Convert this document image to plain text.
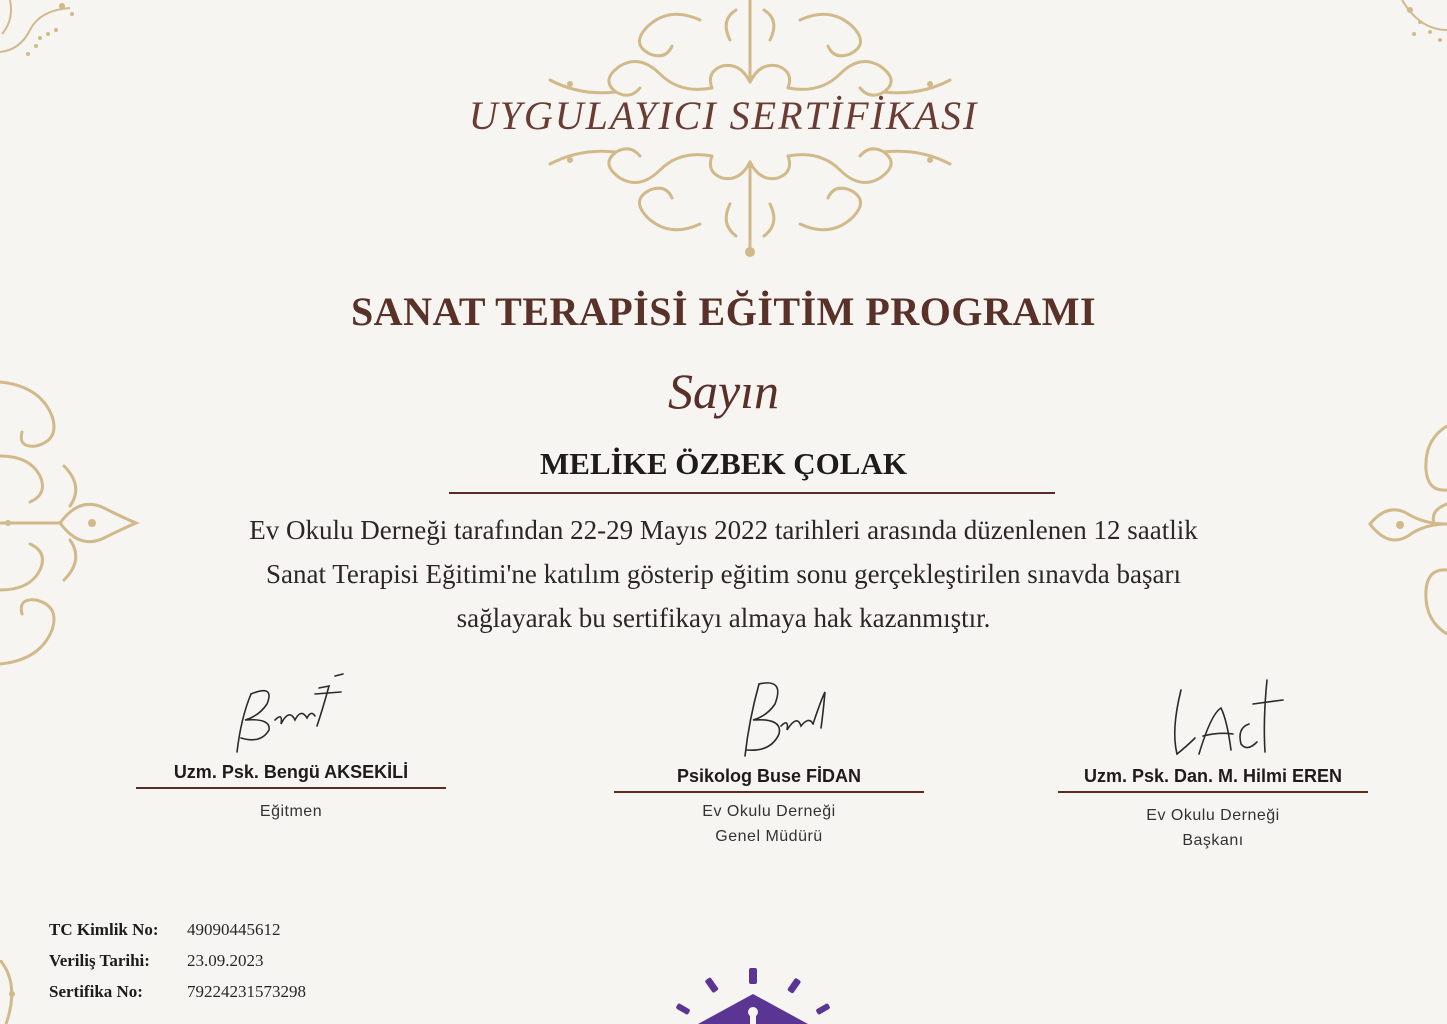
UYGULAYICI SERTİFİKASI
SANAT TERAPİSİ EĞİTİM PROGRAMI
Sayın
MELİKE ÖZBEK ÇOLAK
Ev Okulu Derneği tarafından 22-29 Mayıs 2022 tarihleri arasında düzenlenen 12 saatlik
Sanat Terapisi Eğitimi'ne katılım gösterip eğitim sonu gerçekleştirilen sınavda başarı
sağlayarak bu sertifikayı almaya hak kazanmıştır.
Uzm. Psk. Bengü AKSEKİLİ
Eğitmen
Psikolog Buse FİDAN
Ev Okulu Derneği
Genel Müdürü
Uzm. Psk. Dan. M. Hilmi EREN
Ev Okulu Derneği
Başkanı
TC Kimlik No:	49090445612
Veriliş Tarihi:	23.09.2023
Sertifika No:	79224231573298
